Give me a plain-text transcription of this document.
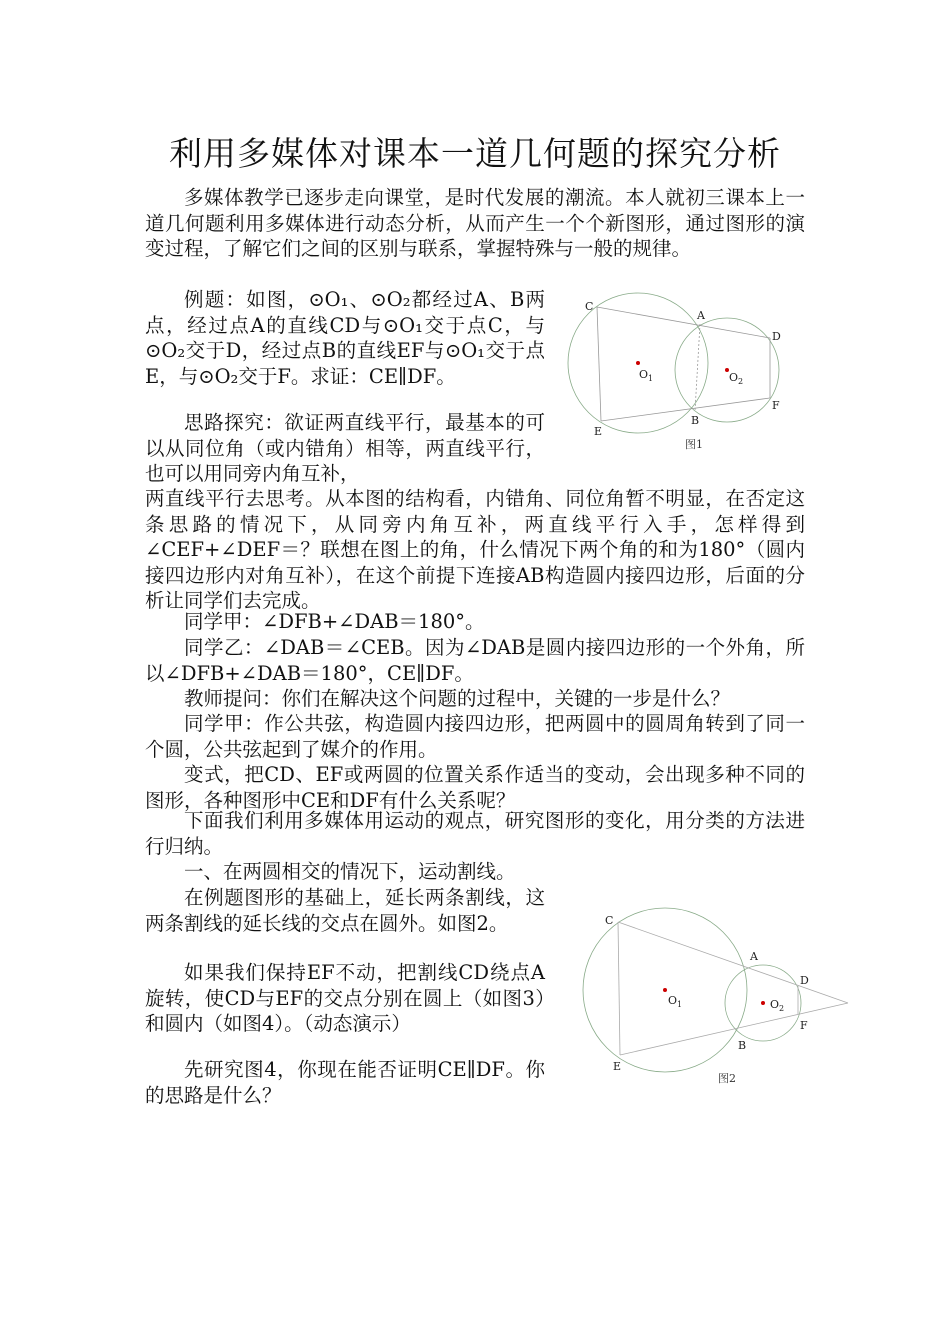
利用多媒体对课本一道几何题的探究分析

多媒体教学已逐步走向课堂，是时代发展的潮流。本人就初三课本上一道几何题利用多媒体进行动态分析，从而产生一个个新图形，通过图形的演变过程，了解它们之间的区别与联系，掌握特殊与一般的规律。

例题：如图，⊙O₁、⊙O₂都经过A、B两点，经过点A的直线CD与⊙O₁交于点C，与⊙O₂交于D，经过点B的直线EF与⊙O₁交于点E，与⊙O₂交于F。求证：CE∥DF。

思路探究：欲证两直线平行，最基本的可以从同位角（或内错角）相等，两直线平行，也可以用同旁内角互补，

两直线平行去思考。从本图的结构看，内错角、同位角暂不明显，在否定这条思路的情况下，从同旁内角互补，两直线平行入手，怎样得到∠CEF+∠DEF＝？联想在图上的角，什么情况下两个角的和为180°（圆内接四边形内对角互补），在这个前提下连接AB构造圆内接四边形，后面的分析让同学们去完成。

同学甲：∠DFB+∠DAB＝180°。

同学乙：∠DAB＝∠CEB。因为∠DAB是圆内接四边形的一个外角，所以∠DFB+∠DAB＝180°，CE∥DF。

教师提问：你们在解决这个问题的过程中，关键的一步是什么？

同学甲：作公共弦，构造圆内接四边形，把两圆中的圆周角转到了同一个圆，公共弦起到了媒介的作用。

变式，把CD、EF或两圆的位置关系作适当的变动，会出现多种不同的图形，各种图形中CE和DF有什么关系呢？

下面我们利用多媒体用运动的观点，研究图形的变化，用分类的方法进行归纳。

一、在两圆相交的情况下，运动割线。

在例题图形的基础上，延长两条割线，这两条割线的延长线的交点在圆外。如图2。

如果我们保持EF不动，把割线CD绕点A旋转，使CD与EF的交点分别在圆上（如图3）和圆内（如图4）。（动态演示）

先研究图4，你现在能否证明CE∥DF。你的思路是什么？

C
A
D
$O_1$	$O_2$
F
B
E
图1
C
A
D
$O_1$	$O_2$
F
B
E
图2
